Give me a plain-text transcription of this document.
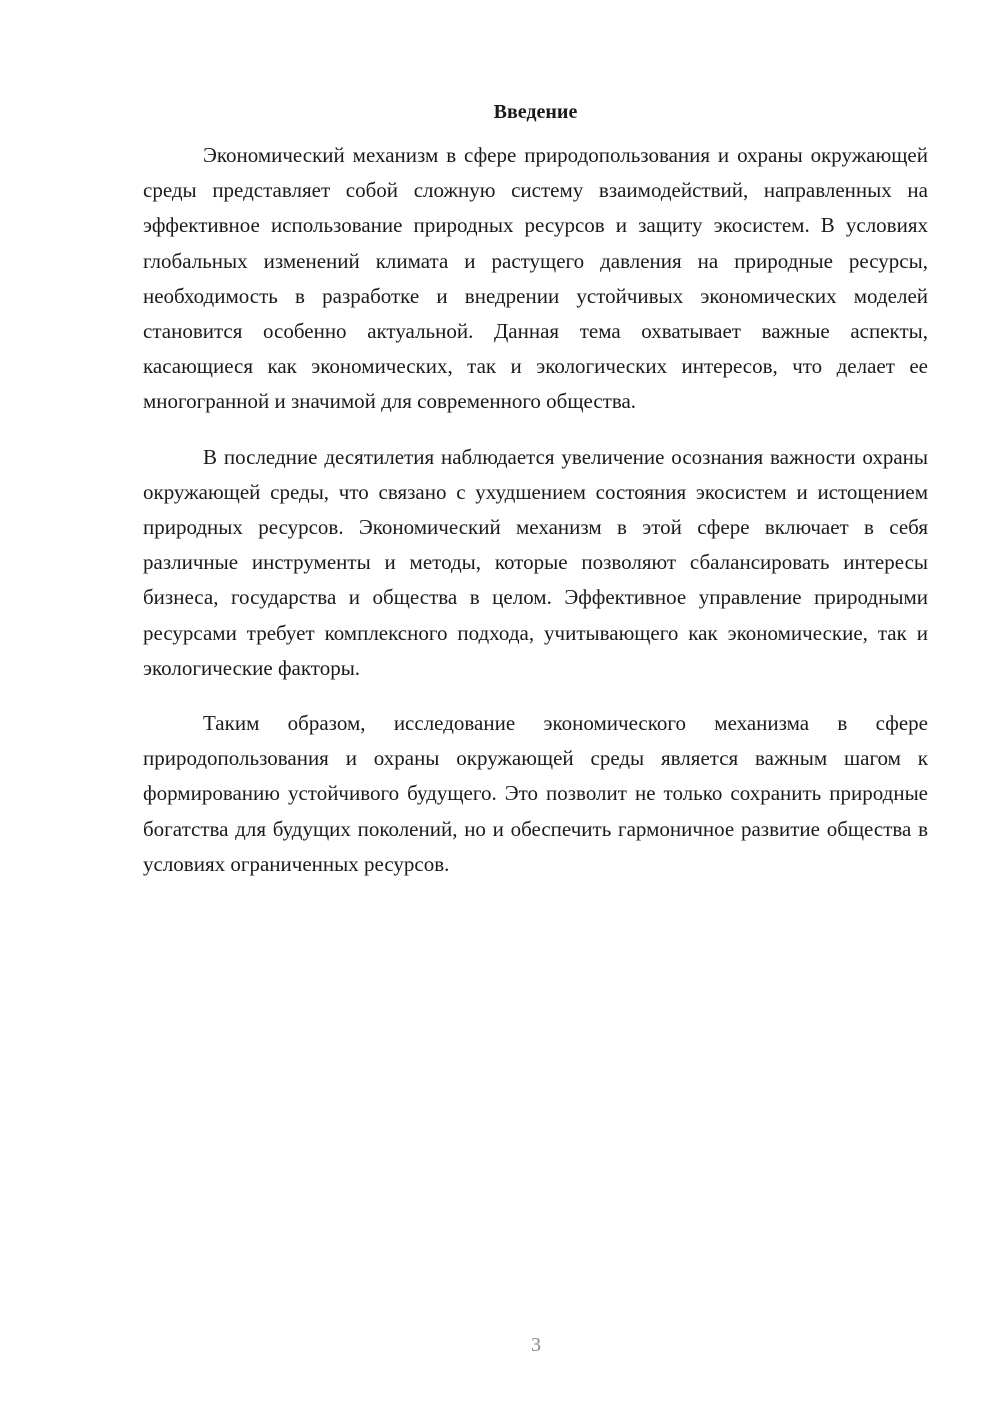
Введение

Экономический механизм в сфере природопользования и охраны окружающей среды представляет собой сложную систему взаимодействий, направленных на эффективное использование природных ресурсов и защиту экосистем. В условиях глобальных изменений климата и растущего давления на природные ресурсы, необходимость в разработке и внедрении устойчивых экономических моделей становится особенно актуальной. Данная тема охватывает важные аспекты, касающиеся как экономических, так и экологических интересов, что делает ее многогранной и значимой для современного общества.

В последние десятилетия наблюдается увеличение осознания важности охраны окружающей среды, что связано с ухудшением состояния экосистем и истощением природных ресурсов. Экономический механизм в этой сфере включает в себя различные инструменты и методы, которые позволяют сбалансировать интересы бизнеса, государства и общества в целом. Эффективное управление природными ресурсами требует комплексного подхода, учитывающего как экономические, так и экологические факторы.

Таким образом, исследование экономического механизма в сфере природопользования и охраны окружающей среды является важным шагом к формированию устойчивого будущего. Это позволит не только сохранить природные богатства для будущих поколений, но и обеспечить гармоничное развитие общества в условиях ограниченных ресурсов.

3
